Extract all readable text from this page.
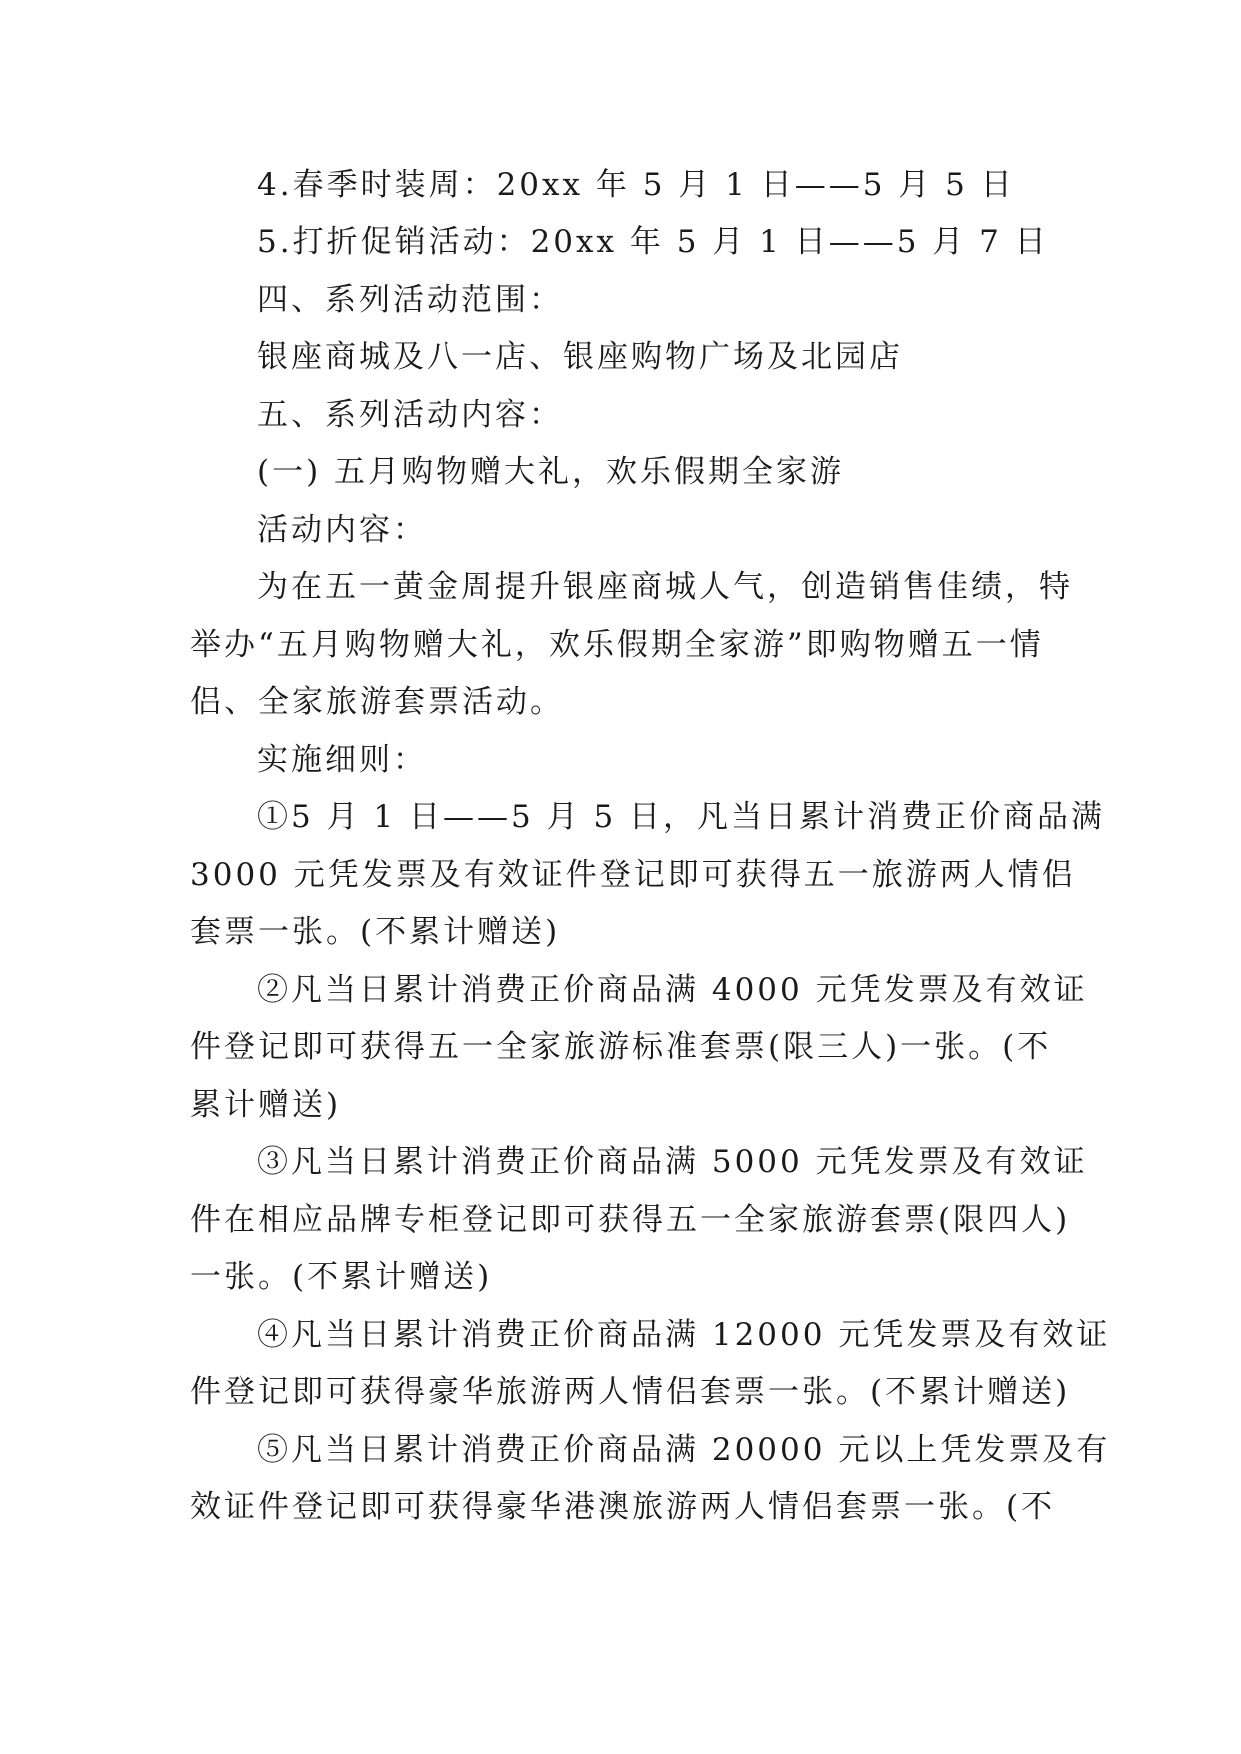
4.春季时装周：20xx 年 5 月 1 日——5 月 5 日
5.打折促销活动：20xx 年 5 月 1 日——5 月 7 日
四、系列活动范围：
银座商城及八一店、银座购物广场及北园店
五、系列活动内容：
(一) 五月购物赠大礼，欢乐假期全家游
活动内容：
为在五一黄金周提升银座商城人气，创造销售佳绩，特
举办“五月购物赠大礼，欢乐假期全家游”即购物赠五一情
侣、全家旅游套票活动。
实施细则：
①5 月 1 日——5 月 5 日，凡当日累计消费正价商品满
3000 元凭发票及有效证件登记即可获得五一旅游两人情侣
套票一张。(不累计赠送)
②凡当日累计消费正价商品满 4000 元凭发票及有效证
件登记即可获得五一全家旅游标准套票(限三人)一张。(不
累计赠送)
③凡当日累计消费正价商品满 5000 元凭发票及有效证
件在相应品牌专柜登记即可获得五一全家旅游套票(限四人)
一张。(不累计赠送)
④凡当日累计消费正价商品满 12000 元凭发票及有效证
件登记即可获得豪华旅游两人情侣套票一张。(不累计赠送)
⑤凡当日累计消费正价商品满 20000 元以上凭发票及有
效证件登记即可获得豪华港澳旅游两人情侣套票一张。(不
